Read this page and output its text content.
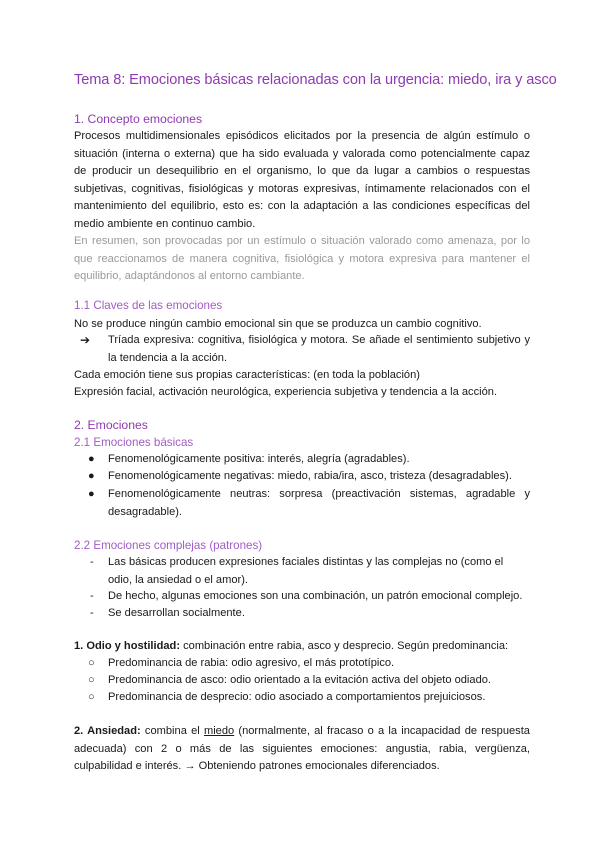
Tema 8: Emociones básicas relacionadas con la urgencia: miedo, ira y asco
1. Concepto emociones
Procesos multidimensionales episódicos elicitados por la presencia de algún estímulo o situación (interna o externa) que ha sido evaluada y valorada como potencialmente capaz de producir un desequilibrio en el organismo, lo que da lugar a cambios o respuestas subjetivas, cognitivas, fisiológicas y motoras expresivas, íntimamente relacionados con el mantenimiento del equilibrio, esto es: con la adaptación a las condiciones específicas del medio ambiente en continuo cambio.
En resumen, son provocadas por un estímulo o situación valorado como amenaza, por lo que reaccionamos de manera cognitiva, fisiológica y motora expresiva para mantener el equilibrio, adaptándonos al entorno cambiante.
1.1 Claves de las emociones
No se produce ningún cambio emocional sin que se produzca un cambio cognitivo.
➔ Tríada expresiva: cognitiva, fisiológica y motora. Se añade el sentimiento subjetivo y la tendencia a la acción.
Cada emoción tiene sus propias características: (en toda la población)
Expresión facial, activación neurológica, experiencia subjetiva y tendencia a la acción.
2. Emociones
2.1 Emociones básicas
● Fenomenológicamente positiva: interés, alegría (agradables).
● Fenomenológicamente negativas: miedo, rabia/ira, asco, tristeza (desagradables).
● Fenomenológicamente neutras: sorpresa (preactivación sistemas, agradable y desagradable).
2.2 Emociones complejas (patrones)
- Las básicas producen expresiones faciales distintas y las complejas no (como el odio, la ansiedad o el amor).
- De hecho, algunas emociones son una combinación, un patrón emocional complejo.
- Se desarrollan socialmente.
1. Odio y hostilidad: combinación entre rabia, asco y desprecio. Según predominancia:
○ Predominancia de rabia: odio agresivo, el más prototípico.
○ Predominancia de asco: odio orientado a la evitación activa del objeto odiado.
○ Predominancia de desprecio: odio asociado a comportamientos prejuiciosos.
2. Ansiedad: combina el miedo (normalmente, al fracaso o a la incapacidad de respuesta adecuada) con 2 o más de las siguientes emociones: angustia, rabia, vergüenza, culpabilidad e interés. → Obteniendo patrones emocionales diferenciados.
